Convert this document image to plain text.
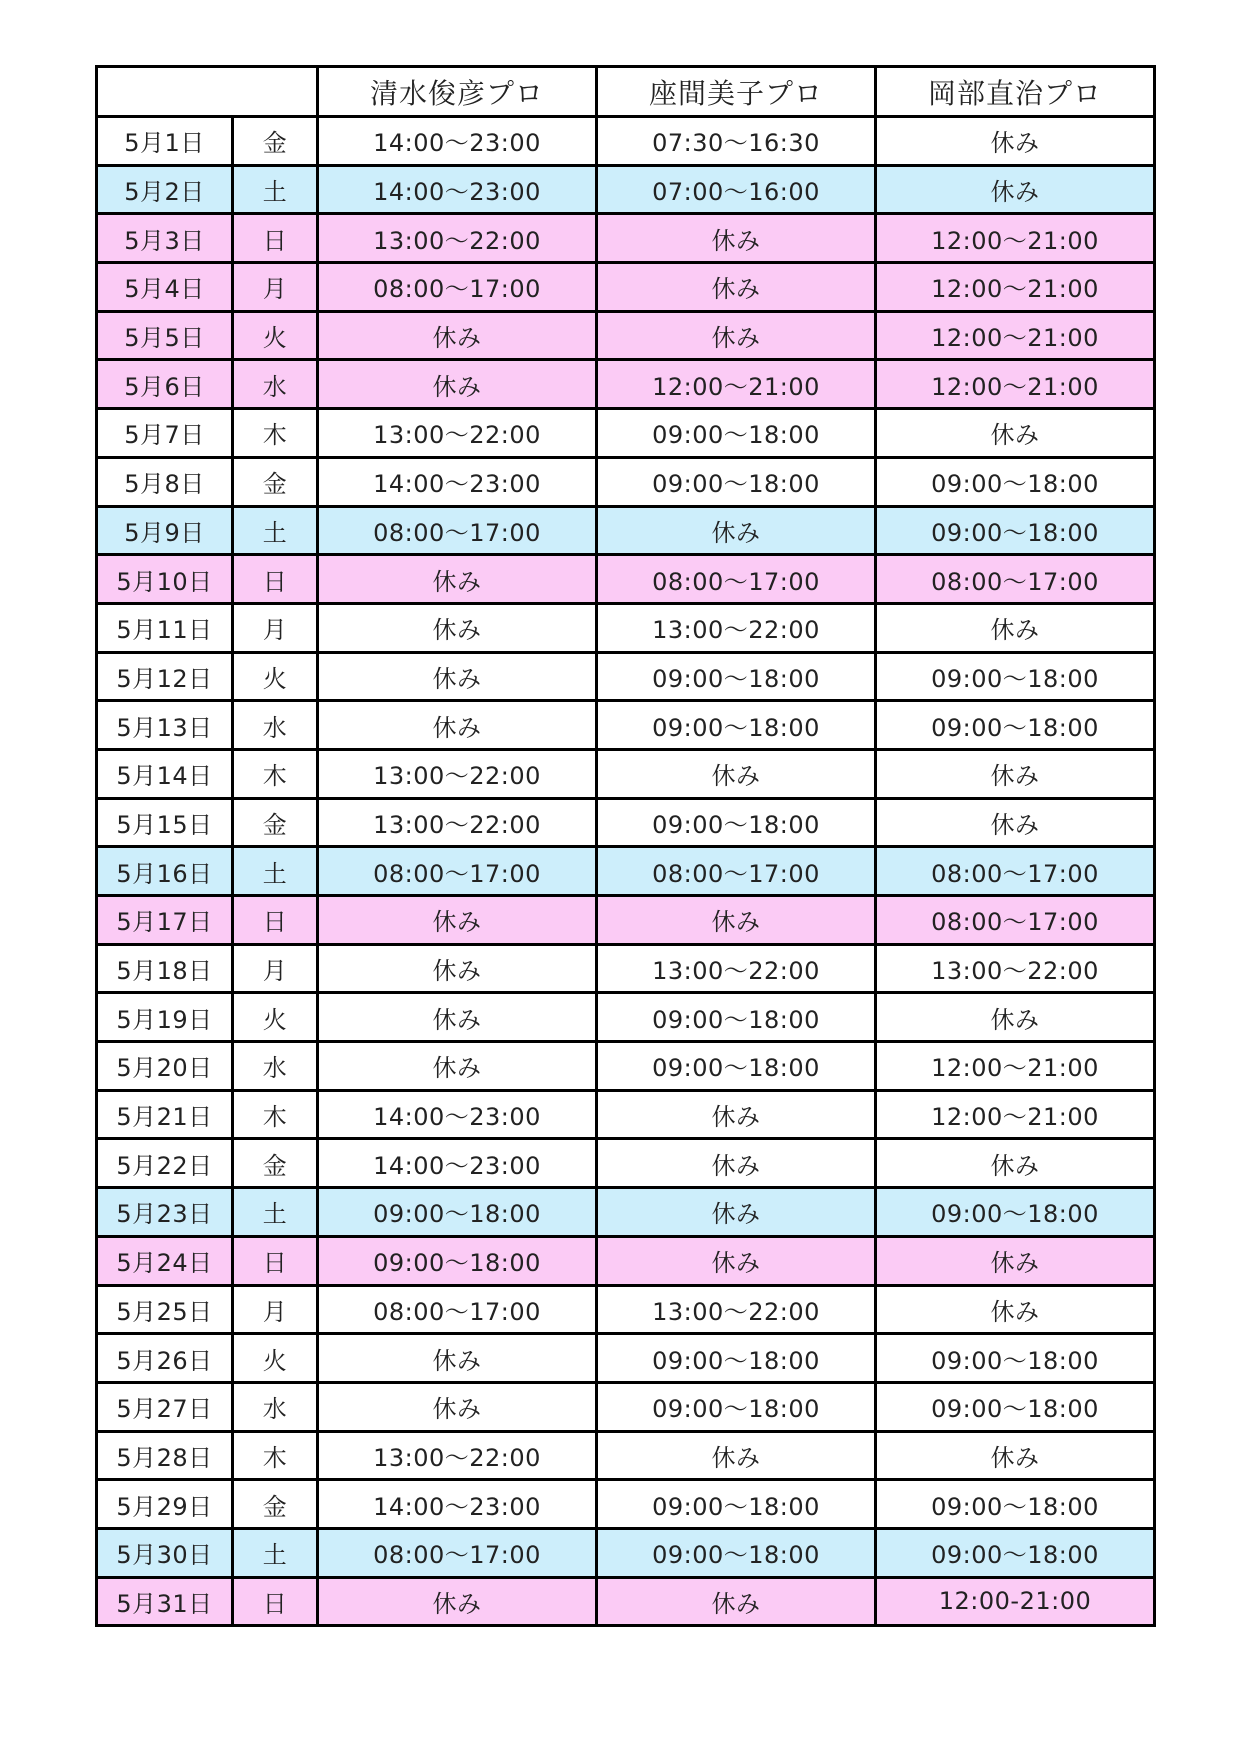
		清水俊彦プロ	座間美子プロ	岡部直治プロ
5月1日	金	14:00～23:00	07:30～16:30	休み
5月2日	土	14:00～23:00	07:00～16:00	休み
5月3日	日	13:00～22:00	休み	12:00～21:00
5月4日	月	08:00～17:00	休み	12:00～21:00
5月5日	火	休み	休み	12:00～21:00
5月6日	水	休み	12:00～21:00	12:00～21:00
5月7日	木	13:00～22:00	09:00～18:00	休み
5月8日	金	14:00～23:00	09:00～18:00	09:00～18:00
5月9日	土	08:00～17:00	休み	09:00～18:00
5月10日	日	休み	08:00～17:00	08:00～17:00
5月11日	月	休み	13:00～22:00	休み
5月12日	火	休み	09:00～18:00	09:00～18:00
5月13日	水	休み	09:00～18:00	09:00～18:00
5月14日	木	13:00～22:00	休み	休み
5月15日	金	13:00～22:00	09:00～18:00	休み
5月16日	土	08:00～17:00	08:00～17:00	08:00～17:00
5月17日	日	休み	休み	08:00～17:00
5月18日	月	休み	13:00～22:00	13:00～22:00
5月19日	火	休み	09:00～18:00	休み
5月20日	水	休み	09:00～18:00	12:00～21:00
5月21日	木	14:00～23:00	休み	12:00～21:00
5月22日	金	14:00～23:00	休み	休み
5月23日	土	09:00～18:00	休み	09:00～18:00
5月24日	日	09:00～18:00	休み	休み
5月25日	月	08:00～17:00	13:00～22:00	休み
5月26日	火	休み	09:00～18:00	09:00～18:00
5月27日	水	休み	09:00～18:00	09:00～18:00
5月28日	木	13:00～22:00	休み	休み
5月29日	金	14:00～23:00	09:00～18:00	09:00～18:00
5月30日	土	08:00～17:00	09:00～18:00	09:00～18:00
5月31日	日	休み	休み	12:00-21:00
